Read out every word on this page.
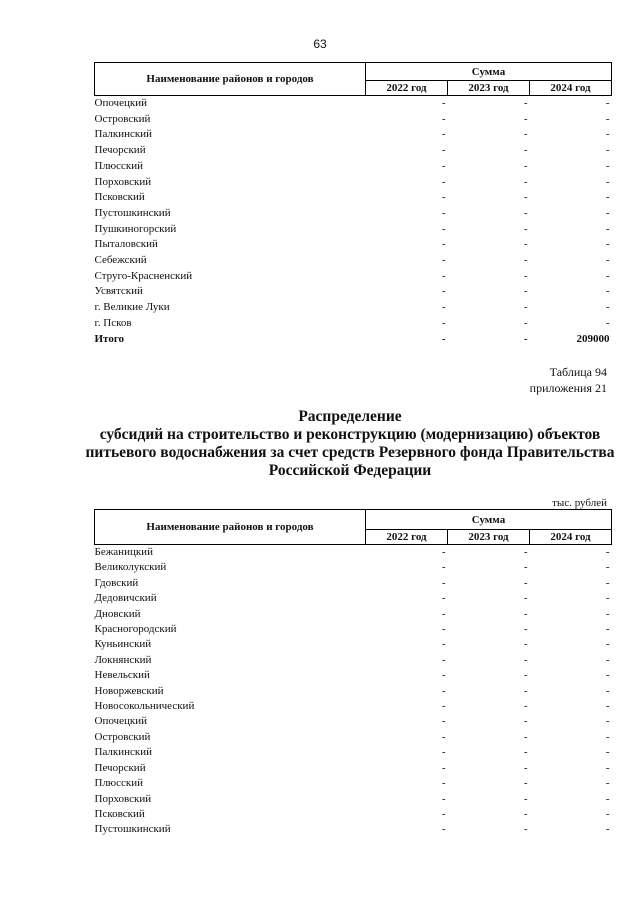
63
Наименование районов и городов	Сумма		
	2022 год	2023 год	2024 год
Опочецкий	-	-	-
Островский	-	-	-
Палкинский	-	-	-
Печорский	-	-	-
Плюсский	-	-	-
Порховский	-	-	-
Псковский	-	-	-
Пустошкинский	-	-	-
Пушкиногорский	-	-	-
Пыталовский	-	-	-
Себежский	-	-	-
Струго-Красненский	-	-	-
Усвятский	-	-	-
г. Великие Луки	-	-	-
г. Псков	-	-	-
Итого	-	-	209000
Таблица 94
приложения 21
Распределение
субсидий на строительство и реконструкцию (модернизацию) объектов
питьевого водоснабжения за счет средств Резервного фонда Правительства
Российской Федерации
тыс. рублей
Наименование районов и городов	Сумма		
	2022 год	2023 год	2024 год
Бежаницкий	-	-	-
Великолукский	-	-	-
Гдовский	-	-	-
Дедовичский	-	-	-
Дновский	-	-	-
Красногородский	-	-	-
Куньинский	-	-	-
Локнянский	-	-	-
Невельский	-	-	-
Новоржевский	-	-	-
Новосокольнический	-	-	-
Опочецкий	-	-	-
Островский	-	-	-
Палкинский	-	-	-
Печорский	-	-	-
Плюсский	-	-	-
Порховский	-	-	-
Псковский	-	-	-
Пустошкинский	-	-	-
